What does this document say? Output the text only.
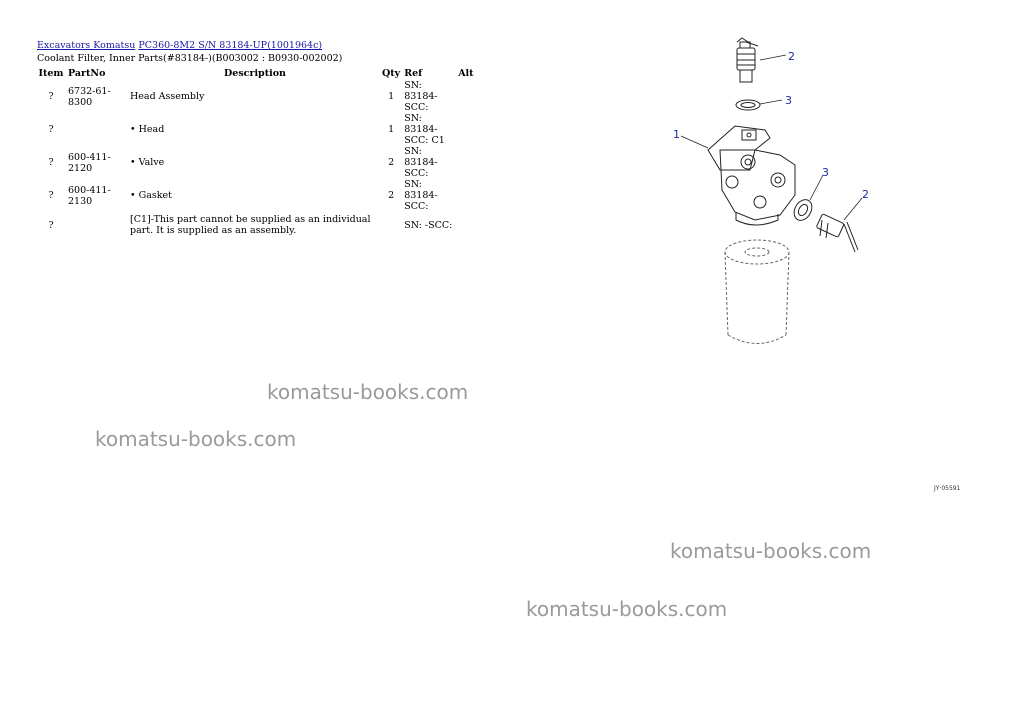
Excavators Komatsu PC360-8M2 S/N 83184-UP(1001964c)
Coolant Filter, Inner Parts(#83184-)(B003002 : B0930-002002)
Item	PartNo	Description	Qty	Ref	Alt
?	6732-61-8300	Head Assembly	1	SN: 83184-SCC:	
?		• Head	1	SN: 83184-SCC: C1	
?	600-411-2120	• Valve	2	SN: 83184-SCC:	
?	600-411-2130	• Gasket	2	SN: 83184-SCC:	
?		[C1]-This part cannot be supplied as an individual part. It is supplied as an assembly.		SN: -SCC:	
komatsu-books.com
komatsu-books.com
komatsu-books.com
komatsu-books.com
1
2
3
2
3
JY·05591
